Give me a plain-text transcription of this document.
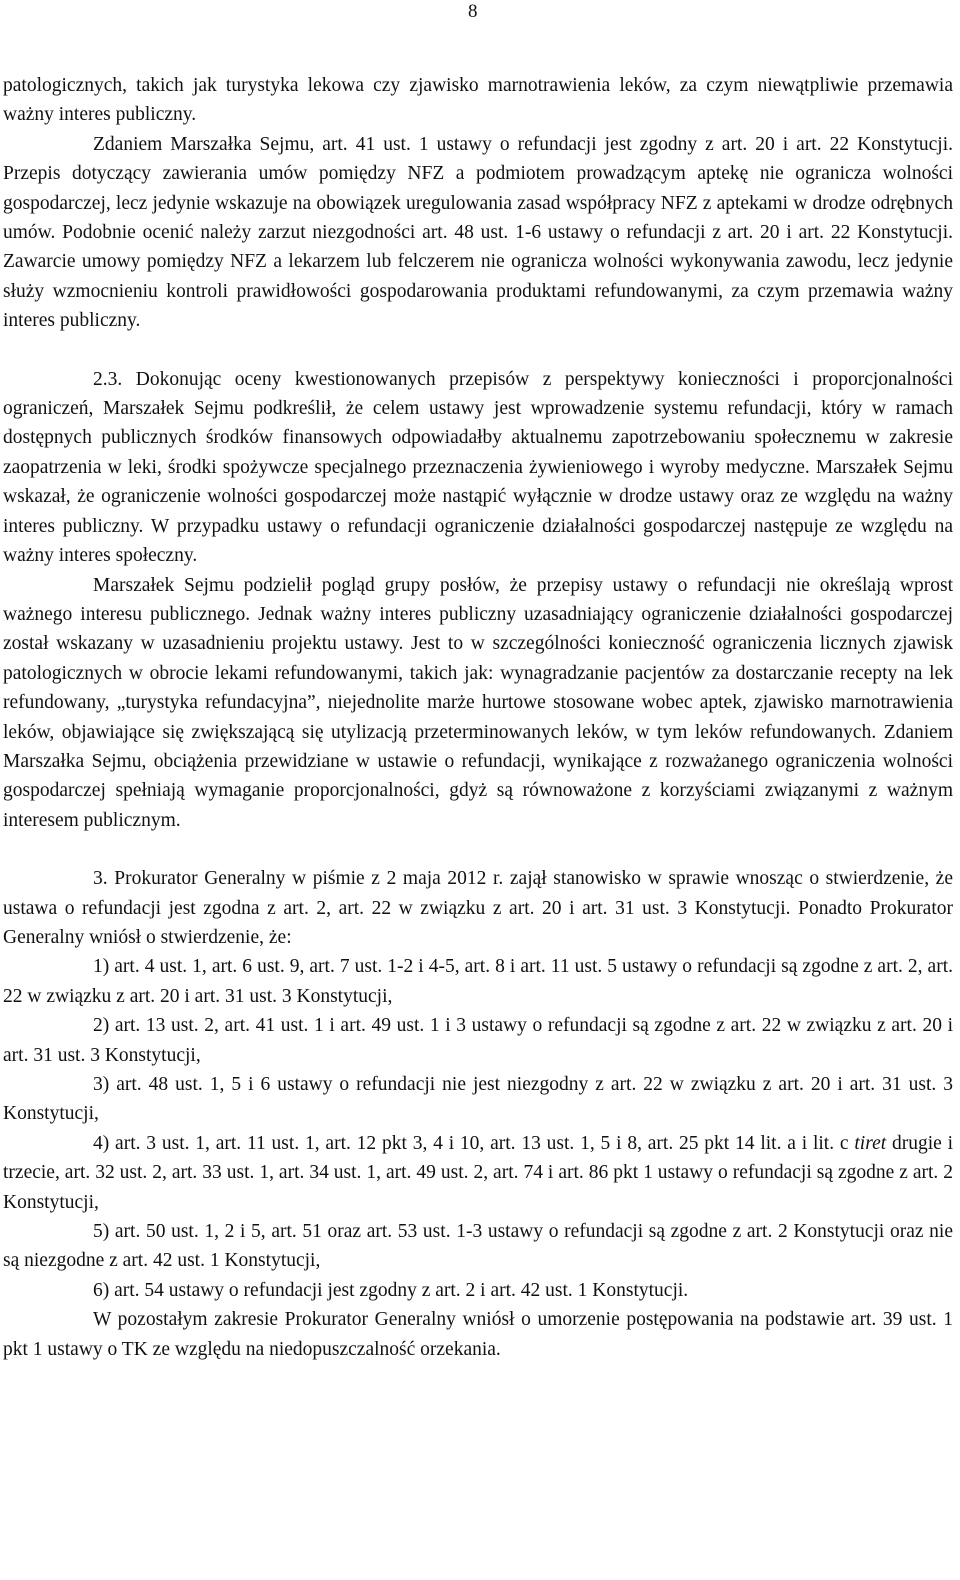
8

patologicznych, takich jak turystyka lekowa czy zjawisko marnotrawienia leków, za czym niewątpliwie przemawia ważny interes publiczny.

Zdaniem Marszałka Sejmu, art. 41 ust. 1 ustawy o refundacji jest zgodny z art. 20 i art. 22 Konstytucji. Przepis dotyczący zawierania umów pomiędzy NFZ a podmiotem prowadzącym aptekę nie ogranicza wolności gospodarczej, lecz jedynie wskazuje na obowiązek uregulowania zasad współpracy NFZ z aptekami w drodze odrębnych umów. Podobnie ocenić należy zarzut niezgodności art. 48 ust. 1-6 ustawy o refundacji z art. 20 i art. 22 Konstytucji. Zawarcie umowy pomiędzy NFZ a lekarzem lub felczerem nie ogranicza wolności wykonywania zawodu, lecz jedynie służy wzmocnieniu kontroli prawidłowości gospodarowania produktami refundowanymi, za czym przemawia ważny interes publiczny.

2.3. Dokonując oceny kwestionowanych przepisów z perspektywy konieczności i proporcjonalności ograniczeń, Marszałek Sejmu podkreślił, że celem ustawy jest wprowadzenie systemu refundacji, który w ramach dostępnych publicznych środków finansowych odpowiadałby aktualnemu zapotrzebowaniu społecznemu w zakresie zaopatrzenia w leki, środki spożywcze specjalnego przeznaczenia żywieniowego i wyroby medyczne. Marszałek Sejmu wskazał, że ograniczenie wolności gospodarczej może nastąpić wyłącznie w drodze ustawy oraz ze względu na ważny interes publiczny. W przypadku ustawy o refundacji ograniczenie działalności gospodarczej następuje ze względu na ważny interes społeczny.

Marszałek Sejmu podzielił pogląd grupy posłów, że przepisy ustawy o refundacji nie określają wprost ważnego interesu publicznego. Jednak ważny interes publiczny uzasadniający ograniczenie działalności gospodarczej został wskazany w uzasadnieniu projektu ustawy. Jest to w szczególności konieczność ograniczenia licznych zjawisk patologicznych w obrocie lekami refundowanymi, takich jak: wynagradzanie pacjentów za dostarczanie recepty na lek refundowany, „turystyka refundacyjna”, niejednolite marże hurtowe stosowane wobec aptek, zjawisko marnotrawienia leków, objawiające się zwiększającą się utylizacją przeterminowanych leków, w tym leków refundowanych. Zdaniem Marszałka Sejmu, obciążenia przewidziane w ustawie o refundacji, wynikające z rozważanego ograniczenia wolności gospodarczej spełniają wymaganie proporcjonalności, gdyż są równoważone z korzyściami związanymi z ważnym interesem publicznym.

3. Prokurator Generalny w piśmie z 2 maja 2012 r. zajął stanowisko w sprawie wnosząc o stwierdzenie, że ustawa o refundacji jest zgodna z art. 2, art. 22 w związku z art. 20 i art. 31 ust. 3 Konstytucji. Ponadto Prokurator Generalny wniósł o stwierdzenie, że:

1) art. 4 ust. 1, art. 6 ust. 9, art. 7 ust. 1-2 i 4-5, art. 8 i art. 11 ust. 5 ustawy o refundacji są zgodne z art. 2, art. 22 w związku z art. 20 i art. 31 ust. 3 Konstytucji,

2) art. 13 ust. 2, art. 41 ust. 1 i art. 49 ust. 1 i 3 ustawy o refundacji są zgodne z art. 22 w związku z art. 20 i art. 31 ust. 3 Konstytucji,

3) art. 48 ust. 1, 5 i 6 ustawy o refundacji nie jest niezgodny z art. 22 w związku z art. 20 i art. 31 ust. 3 Konstytucji,

4) art. 3 ust. 1, art. 11 ust. 1, art. 12 pkt 3, 4 i 10, art. 13 ust. 1, 5 i 8, art. 25 pkt 14 lit. a i lit. c tiret drugie i trzecie, art. 32 ust. 2, art. 33 ust. 1, art. 34 ust. 1, art. 49 ust. 2, art. 74 i art. 86 pkt 1 ustawy o refundacji są zgodne z art. 2 Konstytucji,

5) art. 50 ust. 1, 2 i 5, art. 51 oraz art. 53 ust. 1-3 ustawy o refundacji są zgodne z art. 2 Konstytucji oraz nie są niezgodne z art. 42 ust. 1 Konstytucji,

6) art. 54 ustawy o refundacji jest zgodny z art. 2 i art. 42 ust. 1 Konstytucji.

W pozostałym zakresie Prokurator Generalny wniósł o umorzenie postępowania na podstawie art. 39 ust. 1 pkt 1 ustawy o TK ze względu na niedopuszczalność orzekania.
